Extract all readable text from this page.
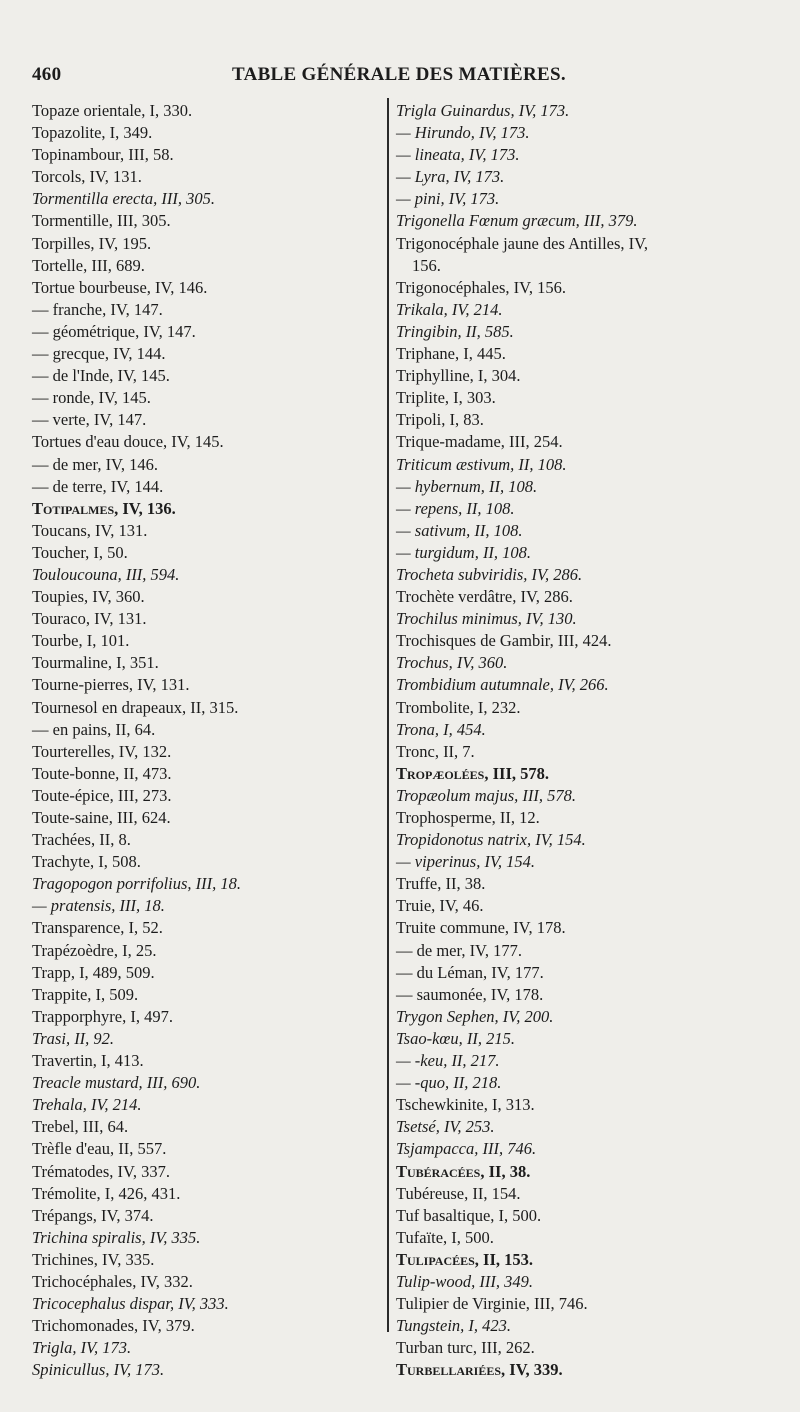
460	TABLE GÉNÉRALE DES MATIÈRES.
Topaze orientale, I, 330.
Topazolite, I, 349.
Topinambour, III, 58.
Torcols, IV, 131.
Tormentilla erecta, III, 305.
Tormentille, III, 305.
Torpilles, IV, 195.
Tortelle, III, 689.
Tortue bourbeuse, IV, 146.
— franche, IV, 147.
— géométrique, IV, 147.
— grecque, IV, 144.
— de l'Inde, IV, 145.
— ronde, IV, 145.
— verte, IV, 147.
Tortues d'eau douce, IV, 145.
— de mer, IV, 146.
— de terre, IV, 144.
Totipalmes, IV, 136.
Toucans, IV, 131.
Toucher, I, 50.
Touloucouna, III, 594.
Toupies, IV, 360.
Touraco, IV, 131.
Tourbe, I, 101.
Tourmaline, I, 351.
Tourne-pierres, IV, 131.
Tournesol en drapeaux, II, 315.
— en pains, II, 64.
Tourterelles, IV, 132.
Toute-bonne, II, 473.
Toute-épice, III, 273.
Toute-saine, III, 624.
Trachées, II, 8.
Trachyte, I, 508.
Tragopogon porrifolius, III, 18.
— pratensis, III, 18.
Transparence, I, 52.
Trapézoèdre, I, 25.
Trapp, I, 489, 509.
Trappite, I, 509.
Trapporphyre, I, 497.
Trasi, II, 92.
Travertin, I, 413.
Treacle mustard, III, 690.
Trehala, IV, 214.
Trebel, III, 64.
Trèfle d'eau, II, 557.
Trématodes, IV, 337.
Trémolite, I, 426, 431.
Trépangs, IV, 374.
Trichina spiralis, IV, 335.
Trichines, IV, 335.
Trichocéphales, IV, 332.
Tricocephalus dispar, IV, 333.
Trichomonades, IV, 379.
Trigla, IV, 173.
Spinicullus, IV, 173.
Trigla Guinardus, IV, 173.
— Hirundo, IV, 173.
— lineata, IV, 173.
— Lyra, IV, 173.
— pini, IV, 173.
Trigonella Fœnum græcum, III, 379.
Trigonocéphale jaune des Antilles, IV,
156.
Trigonocéphales, IV, 156.
Trikala, IV, 214.
Tringibin, II, 585.
Triphane, I, 445.
Triphylline, I, 304.
Triplite, I, 303.
Tripoli, I, 83.
Trique-madame, III, 254.
Triticum æstivum, II, 108.
— hybernum, II, 108.
— repens, II, 108.
— sativum, II, 108.
— turgidum, II, 108.
Trocheta subviridis, IV, 286.
Trochète verdâtre, IV, 286.
Trochilus minimus, IV, 130.
Trochisques de Gambir, III, 424.
Trochus, IV, 360.
Trombidium autumnale, IV, 266.
Trombolite, I, 232.
Trona, I, 454.
Tronc, II, 7.
Tropæolées, III, 578.
Tropæolum majus, III, 578.
Trophosperme, II, 12.
Tropidonotus natrix, IV, 154.
— viperinus, IV, 154.
Truffe, II, 38.
Truie, IV, 46.
Truite commune, IV, 178.
— de mer, IV, 177.
— du Léman, IV, 177.
— saumonée, IV, 178.
Trygon Sephen, IV, 200.
Tsao-kœu, II, 215.
— -keu, II, 217.
— -quo, II, 218.
Tschewkinite, I, 313.
Tsetsé, IV, 253.
Tsjampacca, III, 746.
Tubéracées, II, 38.
Tubéreuse, II, 154.
Tuf basaltique, I, 500.
Tufaïte, I, 500.
Tulipacées, II, 153.
Tulip-wood, III, 349.
Tulipier de Virginie, III, 746.
Tungstein, I, 423.
Turban turc, III, 262.
Turbellariées, IV, 339.
